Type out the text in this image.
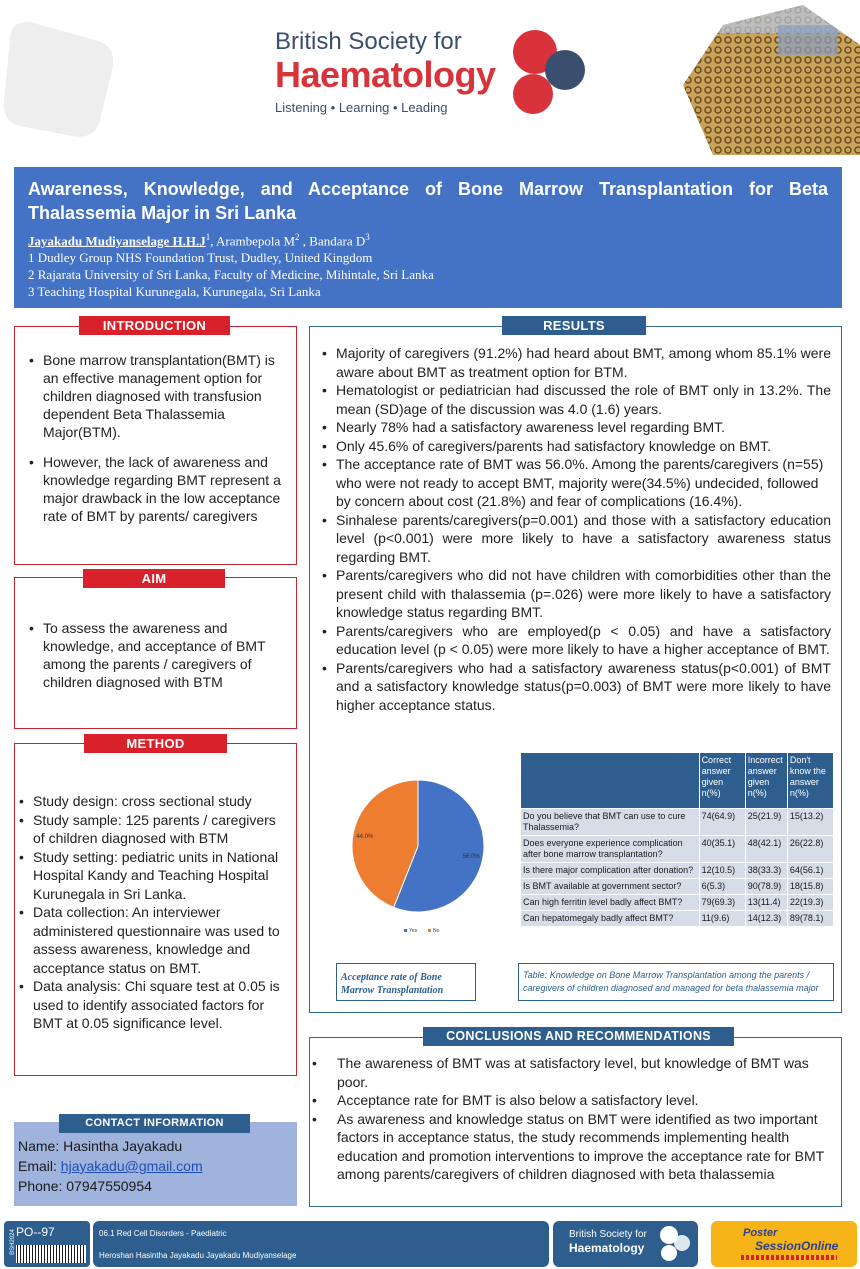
British Society for
Haematology
Listening • Learning • Leading
Awareness, Knowledge, and Acceptance of Bone Marrow Transplantation for Beta Thalassemia Major in Sri Lanka
Jayakadu Mudiyanselage $H.H.J^1$, Arambepola $M^2$ , Bandara $D^3$
1 Dudley Group NHS Foundation Trust, Dudley, United Kingdom
2 Rajarata University of Sri Lanka, Faculty of Medicine, Mihintale, Sri Lanka
3 Teaching Hospital Kurunegala, Kurunegala, Sri Lanka
• Bone marrow transplantation(BMT) is an effective management option for children diagnosed with transfusion dependent Beta Thalassemia Major(BTM).
• However, the lack of awareness and knowledge regarding BMT represent a major drawback in the low acceptance rate of BMT by parents/ caregivers
INTRODUCTION
• To assess the awareness and knowledge, and acceptance of BMT among the parents / caregivers of children diagnosed with BTM
AIM
• Study design: cross sectional study
• Study sample: 125 parents / caregivers of children diagnosed with BTM
• Study setting: pediatric units in National Hospital Kandy and Teaching Hospital Kurunegala in Sri Lanka.
• Data collection: An interviewer administered questionnaire was used to assess awareness, knowledge and acceptance status on BMT.
• Data analysis: Chi square test at 0.05 is used to identify associated factors for BMT at 0.05 significance level.
METHOD
Name: Hasintha Jayakadu
Email: hjayakadu@gmail.com
Phone: 07947550954
CONTACT INFORMATION
• Majority of caregivers (91.2%) had heard about BMT, among whom 85.1% were aware about BMT as treatment option for BTM.
• Hematologist or pediatrician had discussed the role of BMT only in 13.2%. The mean (SD)age of the discussion was 4.0 (1.6) years.
• Nearly 78% had a satisfactory awareness level regarding BMT.
• Only 45.6% of caregivers/parents had satisfactory knowledge on BMT.
• The acceptance rate of BMT was 56.0%. Among the parents/caregivers (n=55) who were not ready to accept BMT, majority were(34.5%) undecided, followed by concern about cost (21.8%) and fear of complications (16.4%).
• Sinhalese parents/caregivers(p=0.001) and those with a satisfactory education level (p<0.001) were more likely to have a satisfactory awareness status regarding BMT.
• Parents/caregivers who did not have children with comorbidities other than the present child with thalassemia (p=.026) were more likely to have a satisfactory knowledge status regarding BMT.
• Parents/caregivers who are employed(p < 0.05) and have a satisfactory education level (p < 0.05) were more likely to have a higher acceptance of BMT.
• Parents/caregivers who had a satisfactory awareness status(p<0.001) of BMT and a satisfactory knowledge status(p=0.003) of BMT were more likely to have higher acceptance status.
RESULTS
56.0%
44.0%
Yes	No
Acceptance rate of Bone Marrow Transplantation
	Correct answer given n(%)	Incorrect answer given n(%)	Don't know the answer n(%)
Do you believe that BMT can use to cure Thalassemia?	74(64.9)	25(21.9)	15(13.2)
Does everyone experience complication after bone marrow transplantation?	40(35.1)	48(42.1)	26(22.8)
Is there major complication after donation?	12(10.5)	38(33.3)	64(56.1)
Is BMT available at government sector?	6(5.3)	90(78.9)	18(15.8)
Can high ferritin level badly affect BMT?	79(69.3)	13(11.4)	22(19.3)
Can hepatomegaly badly affect BMT?	11(9.6)	14(12.3)	89(78.1)
Table: Knowledge on Bone Marrow Transplantation among the parents / caregivers of children diagnosed and managed for beta thalassemia major
• The awareness of BMT was at satisfactory level, but knowledge of BMT was poor.
• Acceptance rate for BMT is also below a satisfactory level.
• As awareness and knowledge status on BMT were identified as two important factors in acceptance status, the study recommends implementing health education and promotion interventions to improve the acceptance rate for BMT among parents/caregivers of children diagnosed with beta thalassemia
CONCLUSIONS AND RECOMMENDATIONS
BSH2024 PO--97	06.1 Red Cell Disorders - Paediatric
Heroshan Hasintha Jayakadu Jayakadu Mudiyanselage
British Society for
Haematology
Poster
SessionOnline
